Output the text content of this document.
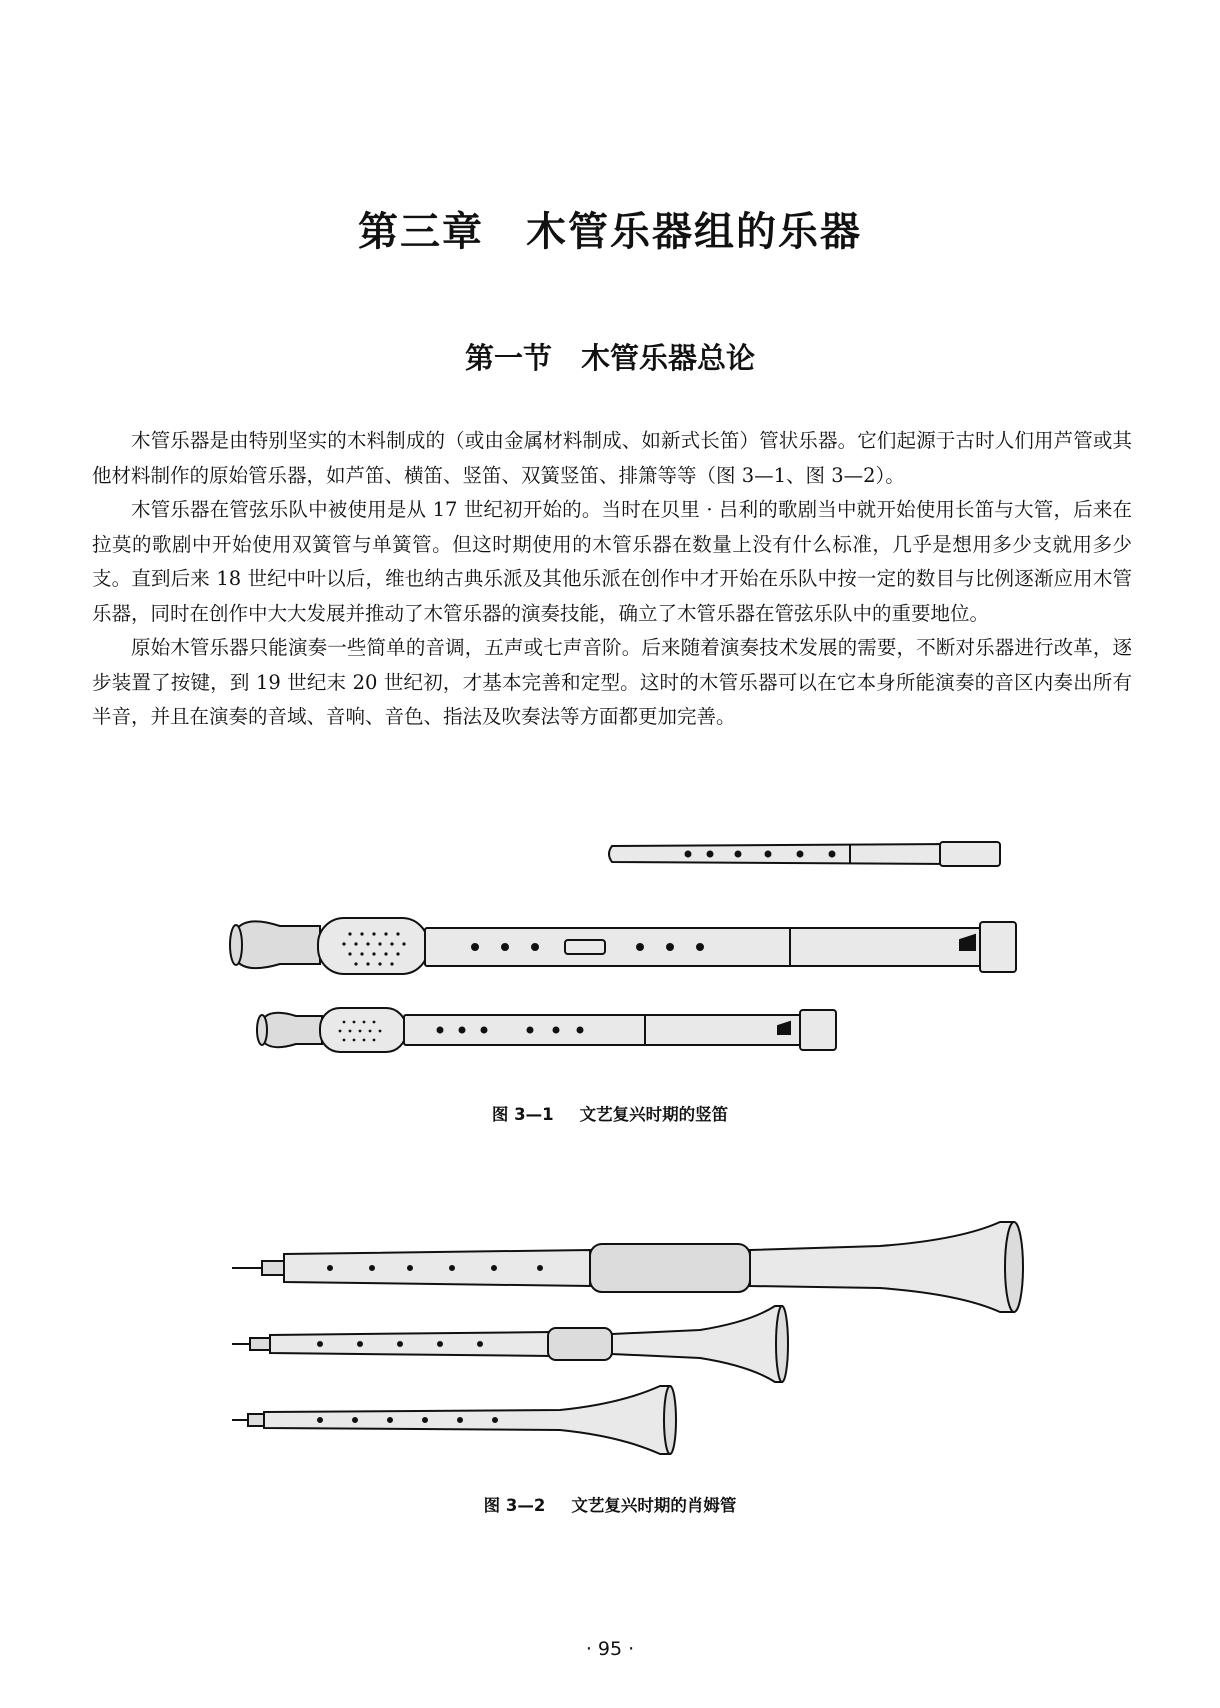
第三章　木管乐器组的乐器
第一节　木管乐器总论

木管乐器是由特别坚实的木料制成的（或由金属材料制成、如新式长笛）管状乐器。它们起源于古时人们用芦管或其他材料制作的原始管乐器，如芦笛、横笛、竖笛、双簧竖笛、排箫等等（图 3—1、图 3—2）。

木管乐器在管弦乐队中被使用是从 17 世纪初开始的。当时在贝里 · 吕利的歌剧当中就开始使用长笛与大管，后来在拉莫的歌剧中开始使用双簧管与单簧管。但这时期使用的木管乐器在数量上没有什么标准，几乎是想用多少支就用多少支。直到后来 18 世纪中叶以后，维也纳古典乐派及其他乐派在创作中才开始在乐队中按一定的数目与比例逐渐应用木管乐器，同时在创作中大大发展并推动了木管乐器的演奏技能，确立了木管乐器在管弦乐队中的重要地位。

原始木管乐器只能演奏一些简单的音调，五声或七声音阶。后来随着演奏技术发展的需要，不断对乐器进行改革，逐步装置了按键，到 19 世纪末 20 世纪初，才基本完善和定型。这时的木管乐器可以在它本身所能演奏的音区内奏出所有半音，并且在演奏的音域、音响、音色、指法及吹奏法等方面都更加完善。

图 3—1 文艺复兴时期的竖笛
图 3—2 文艺复兴时期的肖姆管
· 95 ·
